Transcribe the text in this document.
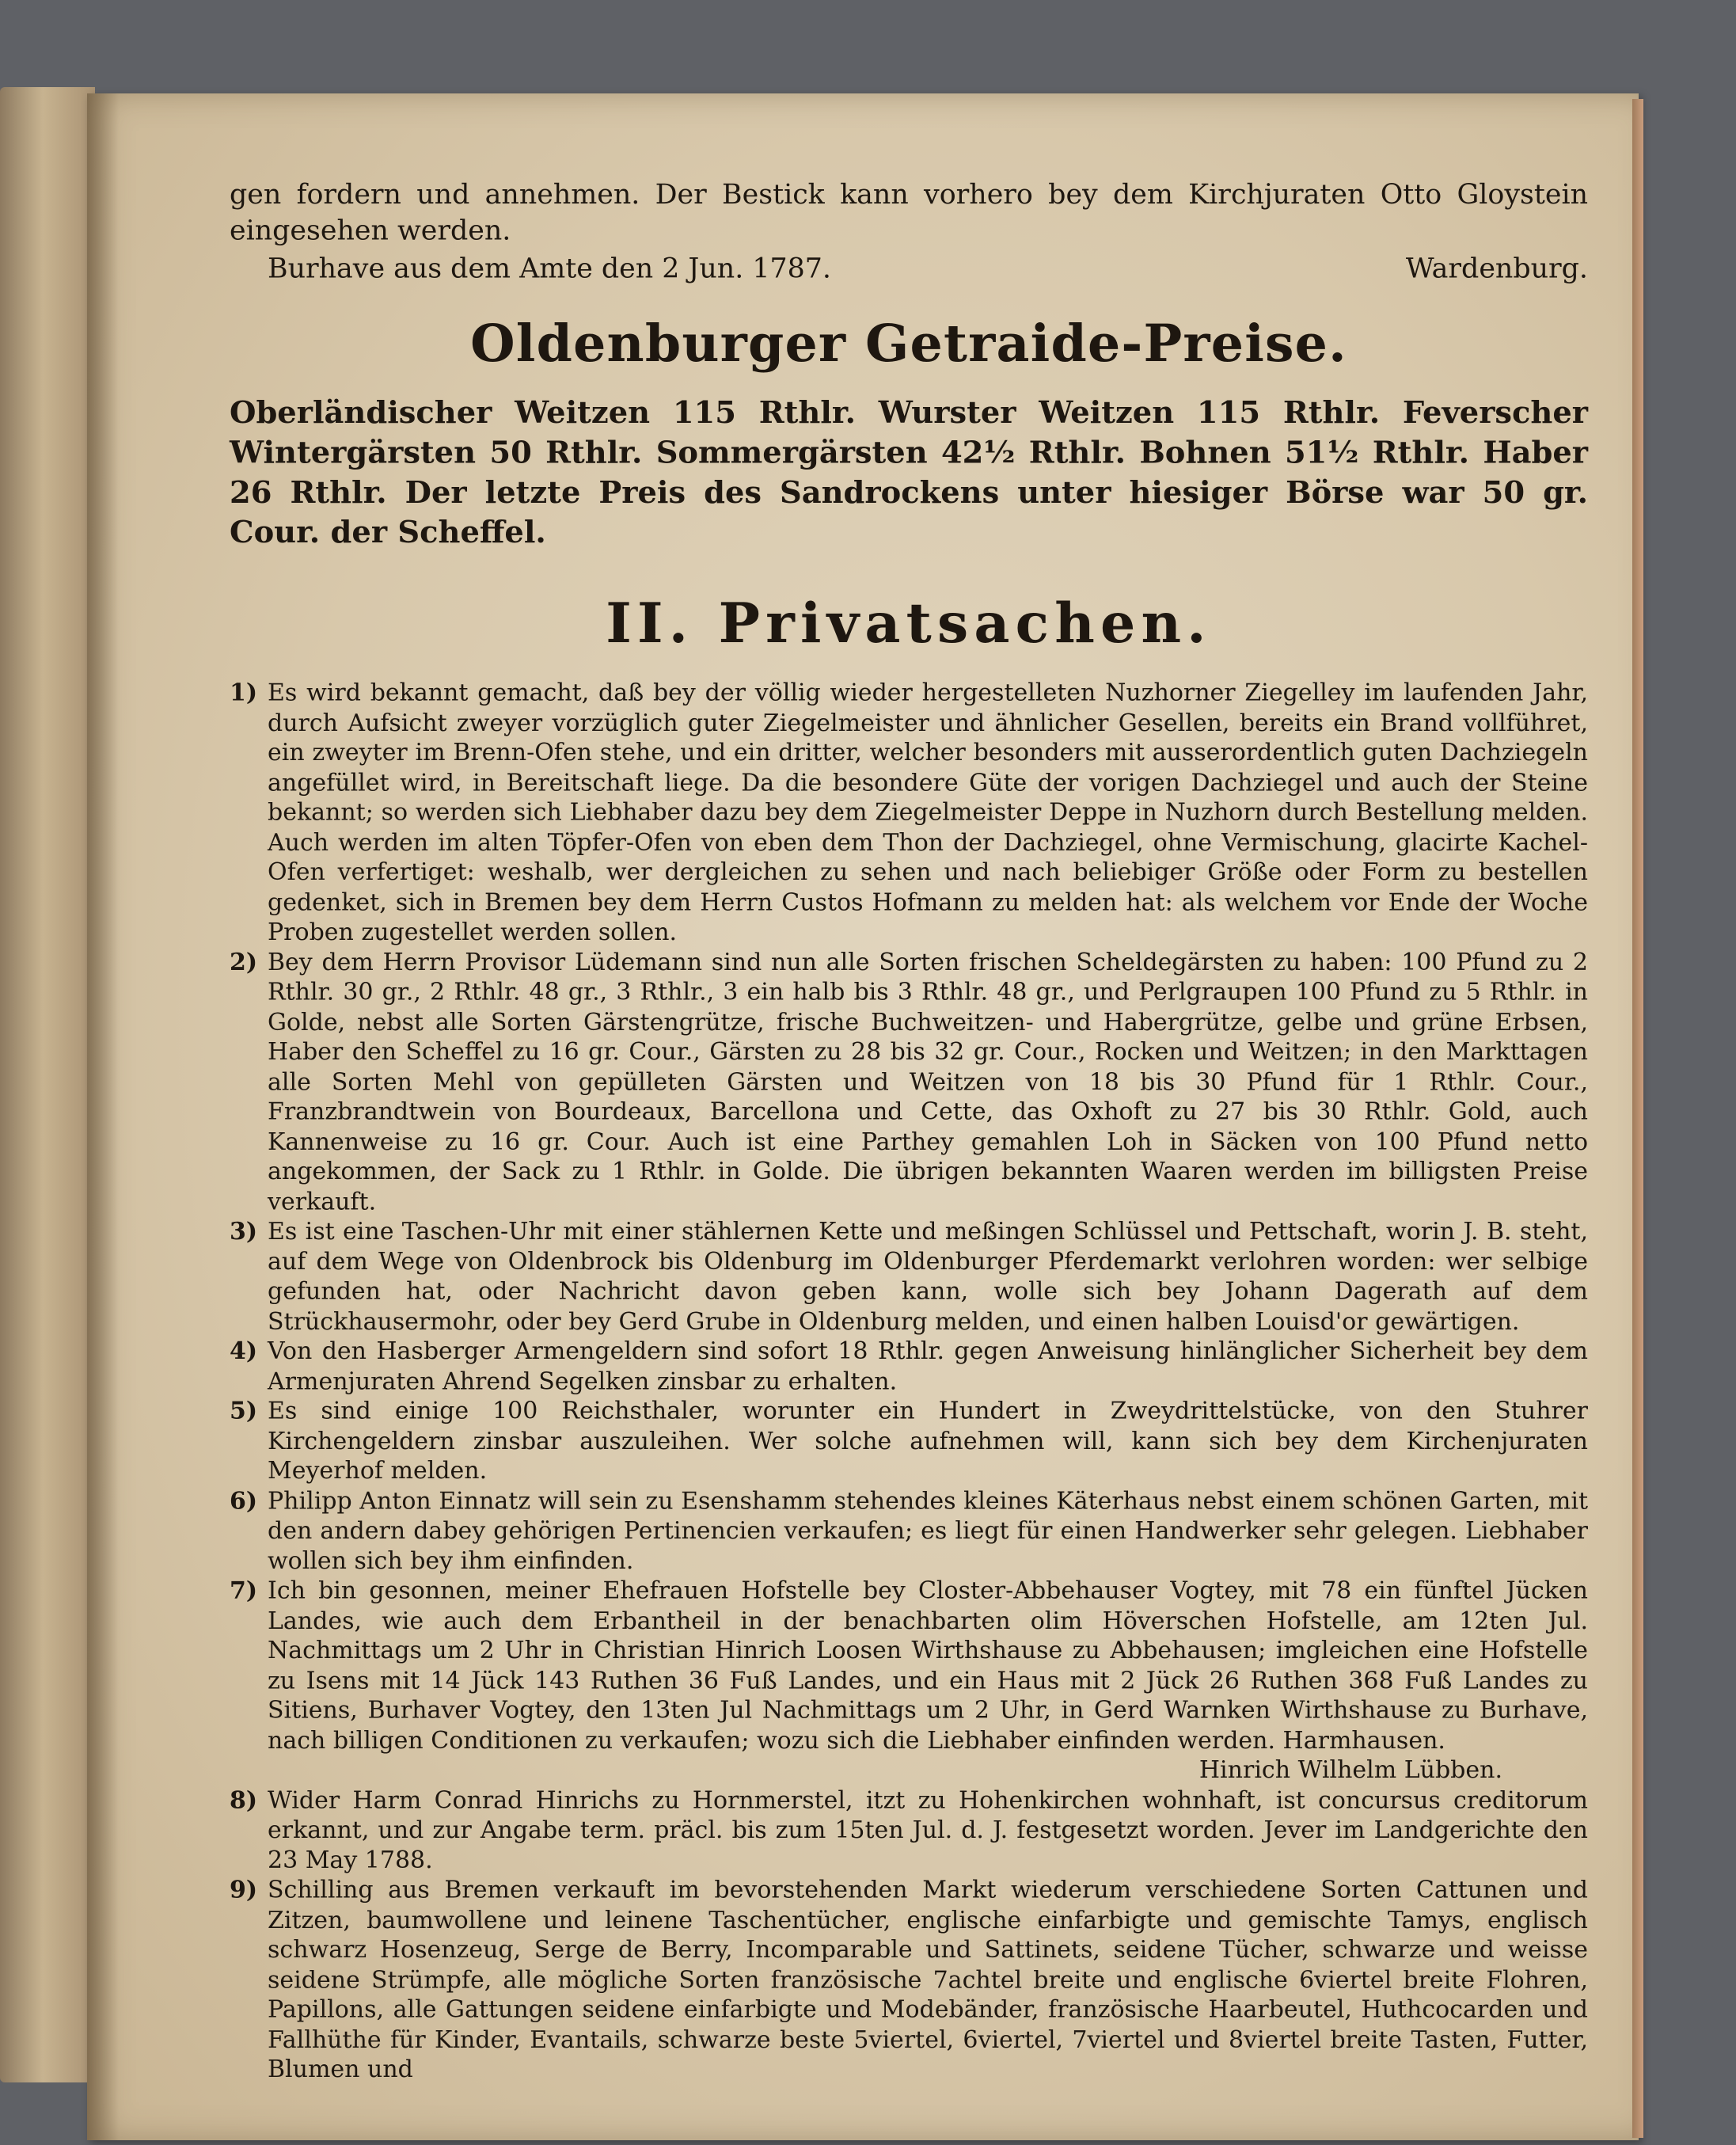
gen fordern und annehmen. Der Bestick kann vorhero bey dem Kirchjuraten Otto Gloystein eingesehen werden.

Burhave aus dem Amte den 2 Jun. 1787.	Wardenburg.
Oldenburger Getraide-Preise.

Oberländischer Weitzen 115 Rthlr. Wurster Weitzen 115 Rthlr. Feverscher Wintergärsten 50 Rthlr. Sommergärsten 42½ Rthlr. Bohnen 51½ Rthlr. Haber 26 Rthlr. Der letzte Preis des Sandrockens unter hiesiger Börse war 50 gr. Cour. der Scheffel.

II. Privatsachen.
1) Es wird bekannt gemacht, daß bey der völlig wieder hergestelleten Nuzhorner Ziegelley im laufenden Jahr, durch Aufsicht zweyer vorzüglich guter Ziegelmeister und ähnlicher Gesellen, bereits ein Brand vollführet, ein zweyter im Brenn-Ofen stehe, und ein dritter, welcher besonders mit ausserordentlich guten Dachziegeln angefüllet wird, in Bereitschaft liege. Da die besondere Güte der vorigen Dachziegel und auch der Steine bekannt; so werden sich Liebhaber dazu bey dem Ziegelmeister Deppe in Nuzhorn durch Bestellung melden. Auch werden im alten Töpfer-Ofen von eben dem Thon der Dachziegel, ohne Vermischung, glacirte Kachel-Ofen verfertiget: weshalb, wer dergleichen zu sehen und nach beliebiger Größe oder Form zu bestellen gedenket, sich in Bremen bey dem Herrn Custos Hofmann zu melden hat: als welchem vor Ende der Woche Proben zugestellet werden sollen.
2) Bey dem Herrn Provisor Lüdemann sind nun alle Sorten frischen Scheldegärsten zu haben: 100 Pfund zu 2 Rthlr. 30 gr., 2 Rthlr. 48 gr., 3 Rthlr., 3 ein halb bis 3 Rthlr. 48 gr., und Perlgraupen 100 Pfund zu 5 Rthlr. in Golde, nebst alle Sorten Gärstengrütze, frische Buchweitzen- und Habergrütze, gelbe und grüne Erbsen, Haber den Scheffel zu 16 gr. Cour., Gärsten zu 28 bis 32 gr. Cour., Rocken und Weitzen; in den Markttagen alle Sorten Mehl von gepülleten Gärsten und Weitzen von 18 bis 30 Pfund für 1 Rthlr. Cour., Franzbrandtwein von Bourdeaux, Barcellona und Cette, das Oxhoft zu 27 bis 30 Rthlr. Gold, auch Kannenweise zu 16 gr. Cour. Auch ist eine Parthey gemahlen Loh in Säcken von 100 Pfund netto angekommen, der Sack zu 1 Rthlr. in Golde. Die übrigen bekannten Waaren werden im billigsten Preise verkauft.
3) Es ist eine Taschen-Uhr mit einer stählernen Kette und meßingen Schlüssel und Pettschaft, worin J. B. steht, auf dem Wege von Oldenbrock bis Oldenburg im Oldenburger Pferdemarkt verlohren worden: wer selbige gefunden hat, oder Nachricht davon geben kann, wolle sich bey Johann Dagerath auf dem Strückhausermohr, oder bey Gerd Grube in Oldenburg melden, und einen halben Louisd'or gewärtigen.
4) Von den Hasberger Armengeldern sind sofort 18 Rthlr. gegen Anweisung hinlänglicher Sicherheit bey dem Armenjuraten Ahrend Segelken zinsbar zu erhalten.
5) Es sind einige 100 Reichsthaler, worunter ein Hundert in Zweydrittelstücke, von den Stuhrer Kirchengeldern zinsbar auszuleihen. Wer solche aufnehmen will, kann sich bey dem Kirchenjuraten Meyerhof melden.
6) Philipp Anton Einnatz will sein zu Esenshamm stehendes kleines Käterhaus nebst einem schönen Garten, mit den andern dabey gehörigen Pertinencien verkaufen; es liegt für einen Handwerker sehr gelegen. Liebhaber wollen sich bey ihm einfinden.
7) Ich bin gesonnen, meiner Ehefrauen Hofstelle bey Closter-Abbehauser Vogtey, mit 78 ein fünftel Jücken Landes, wie auch dem Erbantheil in der benachbarten olim Höverschen Hofstelle, am 12ten Jul. Nachmittags um 2 Uhr in Christian Hinrich Loosen Wirthshause zu Abbehausen; imgleichen eine Hofstelle zu Isens mit 14 Jück 143 Ruthen 36 Fuß Landes, und ein Haus mit 2 Jück 26 Ruthen 368 Fuß Landes zu Sitiens, Burhaver Vogtey, den 13ten Jul Nachmittags um 2 Uhr, in Gerd Warnken Wirthshause zu Burhave, nach billigen Conditionen zu verkaufen; wozu sich die Liebhaber einfinden werden. Harmhausen.
Hinrich Wilhelm Lübben.
8) Wider Harm Conrad Hinrichs zu Hornmerstel, itzt zu Hohenkirchen wohnhaft, ist concursus creditorum erkannt, und zur Angabe term. präcl. bis zum 15ten Jul. d. J. festgesetzt worden. Jever im Landgerichte den 23 May 1788.
9) Schilling aus Bremen verkauft im bevorstehenden Markt wiederum verschiedene Sorten Cattunen und Zitzen, baumwollene und leinene Taschentücher, englische einfarbigte und gemischte Tamys, englisch schwarz Hosenzeug, Serge de Berry, Incomparable und Sattinets, seidene Tücher, schwarze und weisse seidene Strümpfe, alle mögliche Sorten französische 7achtel breite und englische 6viertel breite Flohren, Papillons, alle Gattungen seidene einfarbigte und Modebänder, französische Haarbeutel, Huthcocarden und Fallhüthe für Kinder, Evantails, schwarze beste 5viertel, 6viertel, 7viertel und 8viertel breite Tasten, Futter, Blumen und
